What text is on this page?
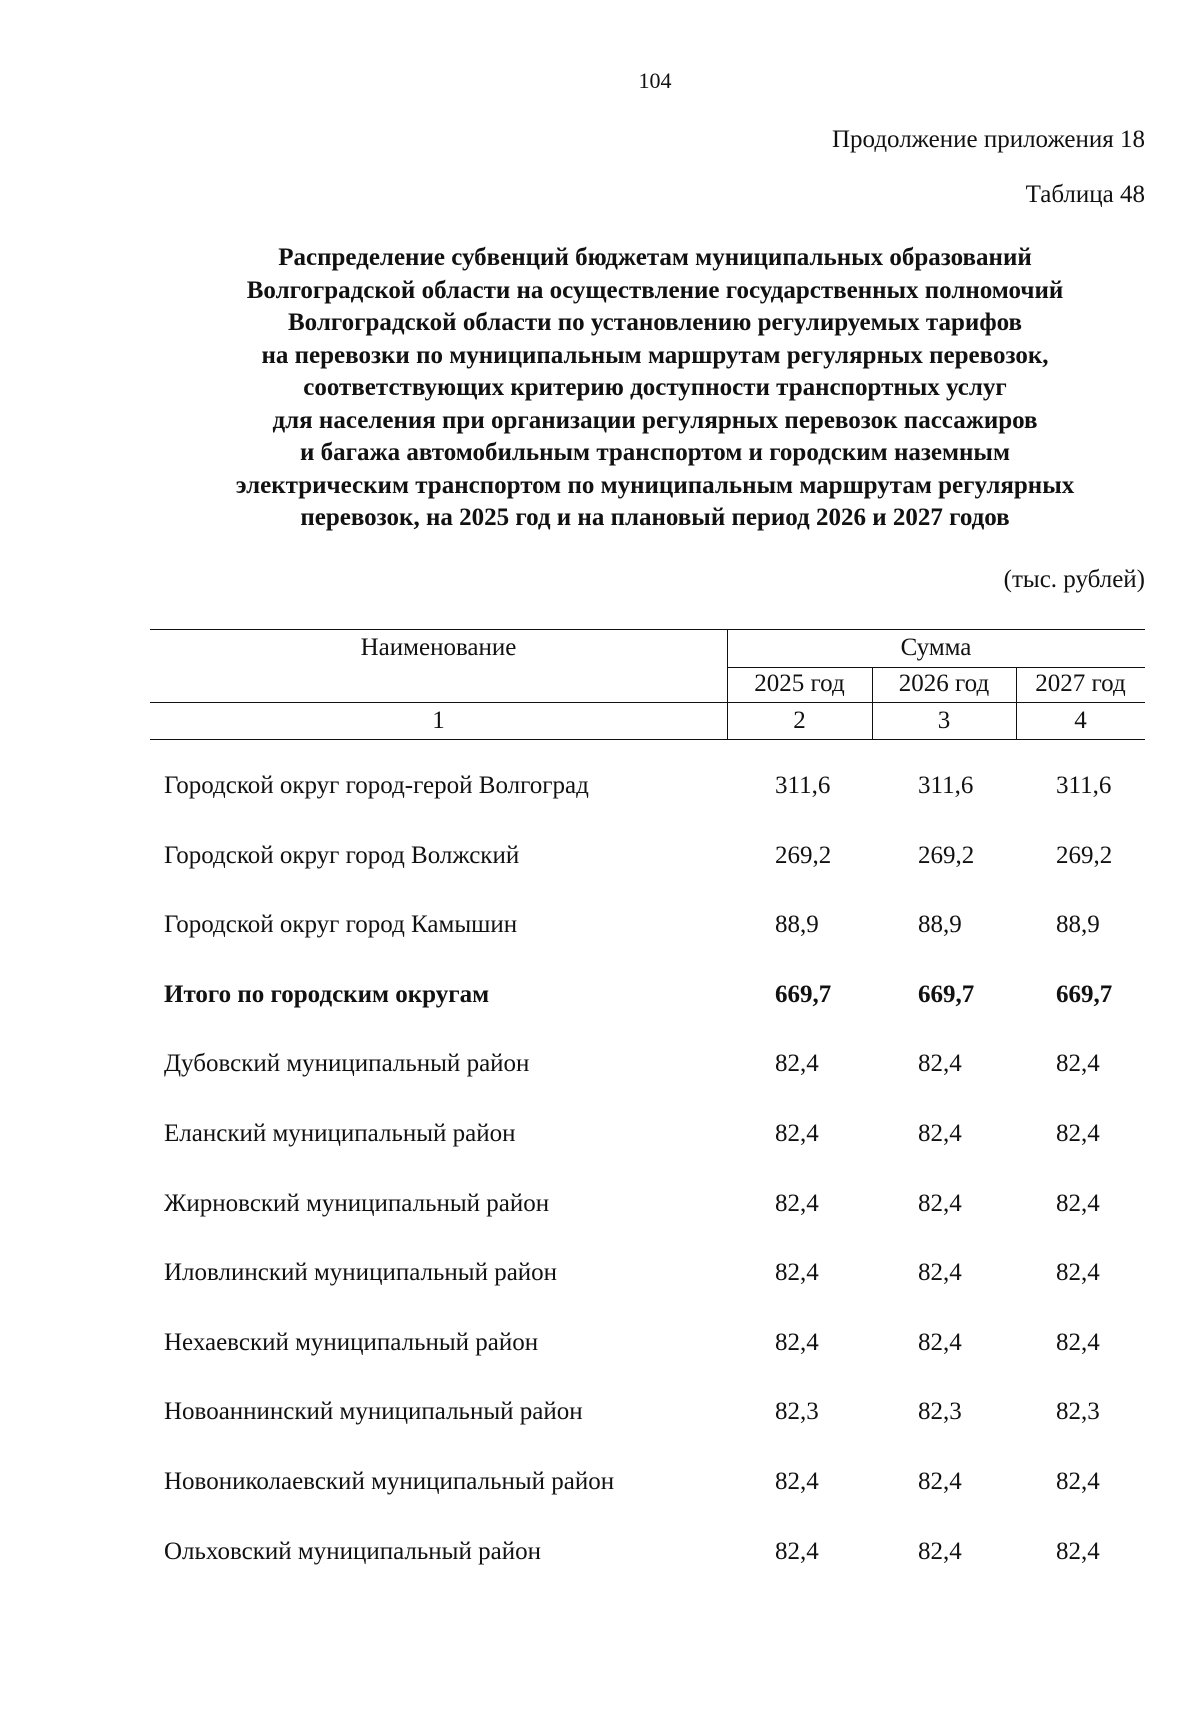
104
Продолжение приложения 18
Таблица 48
Распределение субвенций бюджетам муниципальных образований
Волгоградской области на осуществление государственных полномочий
Волгоградской области по установлению регулируемых тарифов
на перевозки по муниципальным маршрутам регулярных перевозок,
соответствующих критерию доступности транспортных услуг
для населения при организации регулярных перевозок пассажиров
и багажа автомобильным транспортом и городским наземным
электрическим транспортом по муниципальным маршрутам регулярных
перевозок, на 2025 год и на плановый период 2026 и 2027 годов
(тыс. рублей)
Наименование	Сумма
2025 год	2026 год	2027 год
1	2	3	4
Городской округ город-герой Волгоград	311,6	311,6	311,6
Городской округ город Волжский	269,2	269,2	269,2
Городской округ город Камышин	88,9	88,9	88,9
Итого по городским округам	669,7	669,7	669,7
Дубовский муниципальный район	82,4	82,4	82,4
Еланский муниципальный район	82,4	82,4	82,4
Жирновский муниципальный район	82,4	82,4	82,4
Иловлинский муниципальный район	82,4	82,4	82,4
Нехаевский муниципальный район	82,4	82,4	82,4
Новоаннинский муниципальный район	82,3	82,3	82,3
Новониколаевский муниципальный район	82,4	82,4	82,4
Ольховский муниципальный район	82,4	82,4	82,4
